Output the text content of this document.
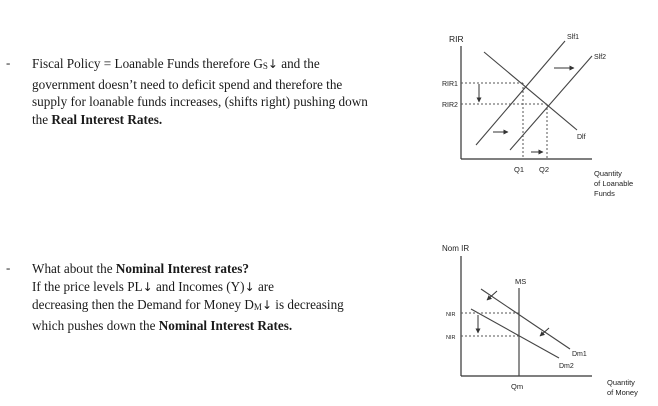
- Fiscal Policy = Loanable Funds therefore GS↓ and the
government doesn’t need to deficit spend and therefore the
supply for loanable funds increases, (shifts right) pushing down
the Real Interest Rates.
- What about the Nominal Interest rates?
If the price levels PL↓ and Incomes (Y)↓ are
decreasing then the Demand for Money DM↓ is decreasing
which pushes down the Nominal Interest Rates.
RIR
RIR1
RIR2
Slf1
Slf2
Dlf
Q1 Q2	Quantity
of Loanable
Funds
Nom IR
NIR
NIR
MS
Dm1
Dm2
Qm	Quantity
of Money
